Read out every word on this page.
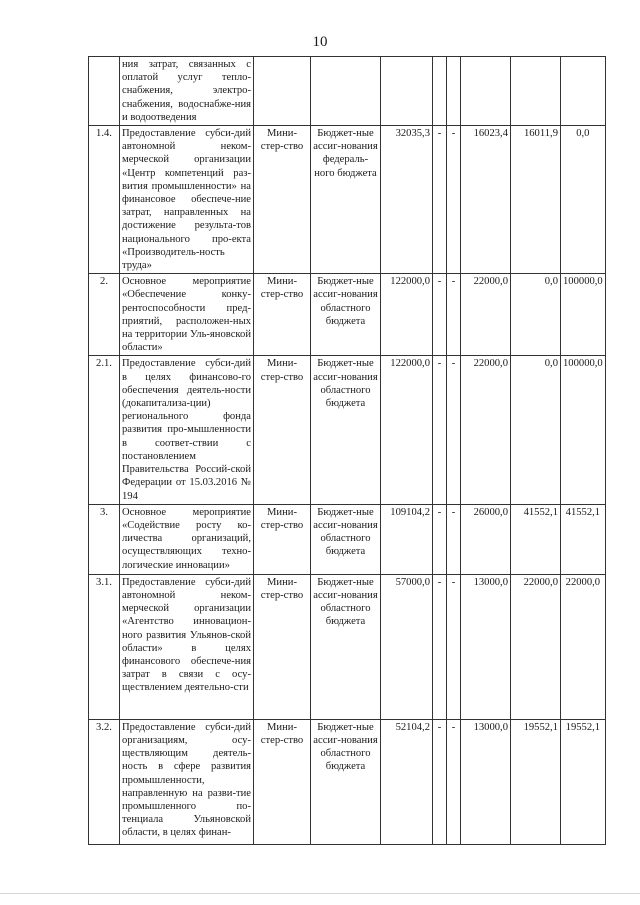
10
	ния затрат, связанных с оплатой услуг тепло-снабжения, электро-снабжения, водоснабже-ния и водоотведения								
1.4.	Предоставление субси-дий автономной неком-мерческой организации «Центр компетенций раз-вития промышленности» на финансовое обеспече-ние затрат, направленных на достижение результа-тов национального про-екта «Производитель-ность труда»	Мини-стер-ство	Бюджет-ные ассиг-нования федераль-ного бюджета	32035,3	-	-	16023,4	16011,9	0,0
2.	Основное мероприятие «Обеспечение конку-рентоспособности пред-приятий, расположен-ных на территории Уль-яновской области»	Мини-стер-ство	Бюджет-ные ассиг-нования областного бюджета	122000,0	-	-	22000,0	0,0	100000,0
2.1.	Предоставление субси-дий в целях финансово-го обеспечения деятель-ности (докапитализа-ции) регионального фонда развития про-мышленности в соответ-ствии с постановлением Правительства Россий-ской Федерации от 15.03.2016 № 194	Мини-стер-ство	Бюджет-ные ассиг-нования областного бюджета	122000,0	-	-	22000,0	0,0	100000,0
3.	Основное мероприятие «Содействие росту ко-личества организаций, осуществляющих техно-логические инновации»	Мини-стер-ство	Бюджет-ные ассиг-нования областного бюджета	109104,2	-	-	26000,0	41552,1	41552,1
3.1.	Предоставление субси-дий автономной неком-мерческой организации «Агентство инновацион-ного развития Ульянов-ской области» в целях финансового обеспече-ния затрат в связи с осу-ществлением деятельно-сти	Мини-стер-ство	Бюджет-ные ассиг-нования областного бюджета	57000,0	-	-	13000,0	22000,0	22000,0
3.2.	Предоставление субси-дий организациям, осу-ществляющим деятель-ность в сфере развития промышленности, направленную на разви-тие промышленного по-тенциала Ульяновской области, в целях финан-	Мини-стер-ство	Бюджет-ные ассиг-нования областного бюджета	52104,2	-	-	13000,0	19552,1	19552,1
